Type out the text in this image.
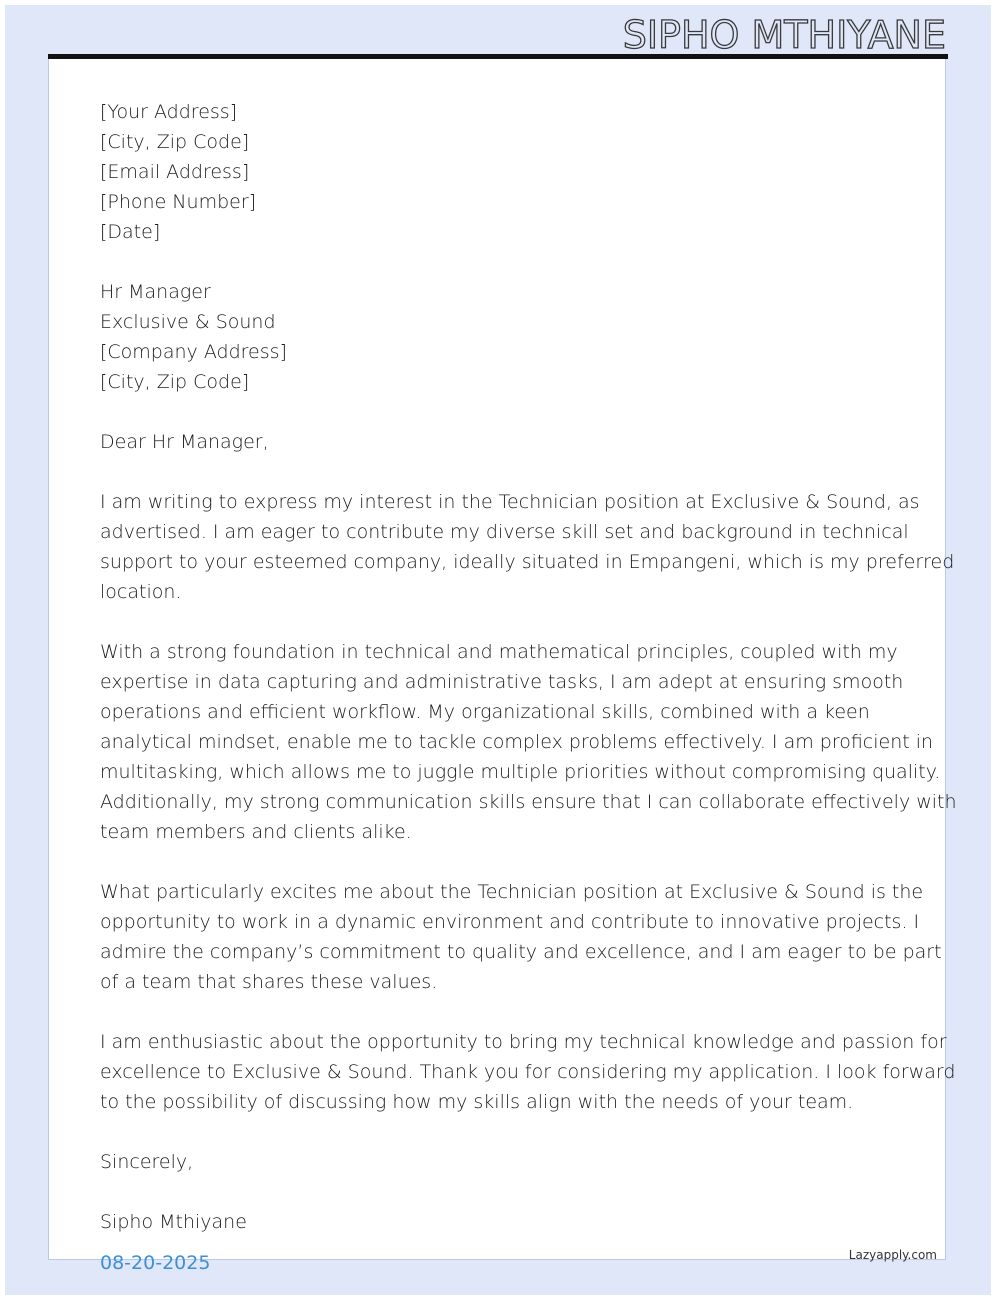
SIPHO MTHIYANE
[Your Address]
[City, Zip Code]
[Email Address]
[Phone Number]
[Date]
Hr Manager
Exclusive & Sound
[Company Address]
[City, Zip Code]
Dear Hr Manager,
I am writing to express my interest in the Technician position at Exclusive & Sound, as
advertised. I am eager to contribute my diverse skill set and background in technical
support to your esteemed company, ideally situated in Empangeni, which is my preferred
location.
With a strong foundation in technical and mathematical principles, coupled with my
expertise in data capturing and administrative tasks, I am adept at ensuring smooth
operations and efficient workflow. My organizational skills, combined with a keen
analytical mindset, enable me to tackle complex problems effectively. I am proficient in
multitasking, which allows me to juggle multiple priorities without compromising quality.
Additionally, my strong communication skills ensure that I can collaborate effectively with
team members and clients alike.
What particularly excites me about the Technician position at Exclusive & Sound is the
opportunity to work in a dynamic environment and contribute to innovative projects. I
admire the company’s commitment to quality and excellence, and I am eager to be part
of a team that shares these values.
I am enthusiastic about the opportunity to bring my technical knowledge and passion for
excellence to Exclusive & Sound. Thank you for considering my application. I look forward
to the possibility of discussing how my skills align with the needs of your team.
Sincerely,
Sipho Mthiyane
08-20-2025	Lazyapply.com
